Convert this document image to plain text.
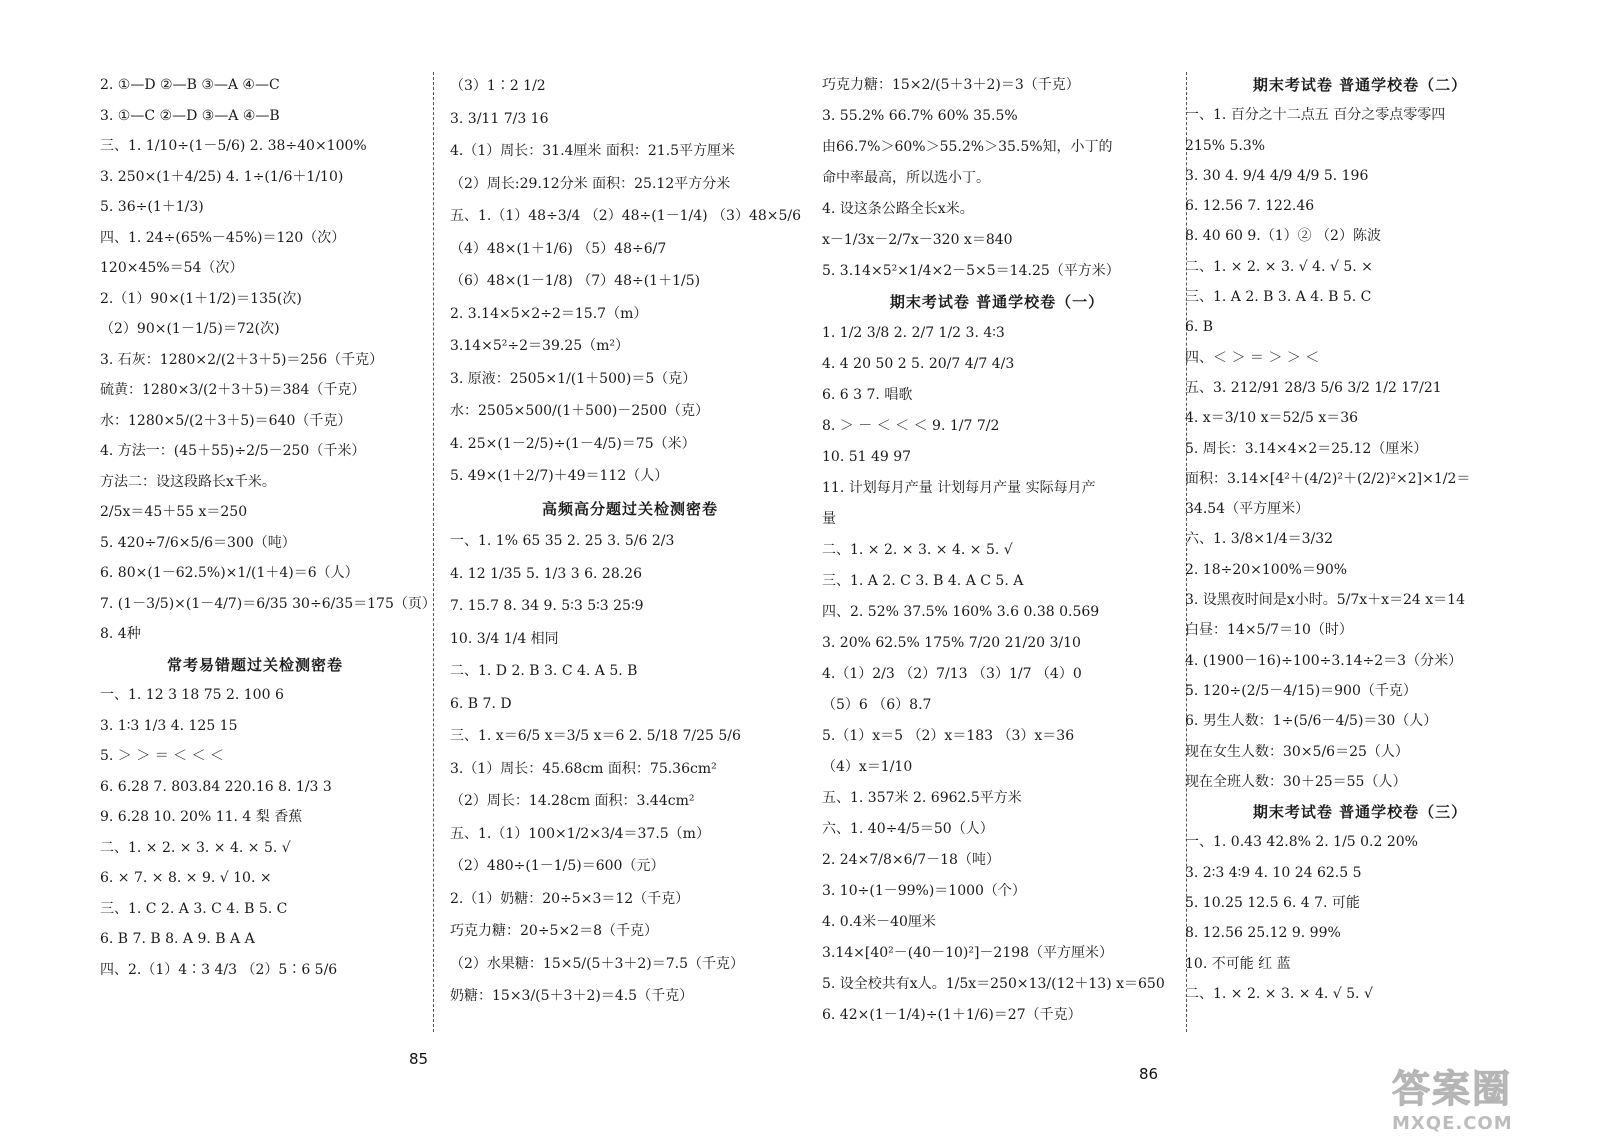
2. ①—D ②—B ③—A ④—C
3. ①—C ②—D ③—A ④—B
三、1. 1/10÷(1－5/6) 2. 38÷40×100%
3. 250×(1＋4/25) 4. 1÷(1/6＋1/10)
5. 36÷(1＋1/3)
四、1. 24÷(65%－45%)＝120（次）
120×45%＝54（次）
2.（1）90×(1＋1/2)＝135(次)
（2）90×(1－1/5)＝72(次)
3. 石灰：1280×2/(2＋3＋5)＝256（千克）
硫黄：1280×3/(2＋3＋5)＝384（千克）
水：1280×5/(2＋3＋5)＝640（千克）
4. 方法一：(45＋55)÷2/5－250（千米）
方法二：设这段路长x千米。
2/5x＝45＋55 x＝250
5. 420÷7/6×5/6＝300（吨）
6. 80×(1－62.5%)×1/(1＋4)＝6（人）
7. (1－3/5)×(1－4/7)＝6/35 30÷6/35＝175（页）
8. 4种
常考易错题过关检测密卷
一、1. 12 3 18 75 2. 100 6
3. 1∶3 1/3 4. 125 15
5. ＞ ＞ ＝ ＜ ＜ ＜
6. 6.28 7. 803.84 220.16 8. 1/3 3
9. 6.28 10. 20% 11. 4 梨 香蕉
二、1. × 2. × 3. × 4. × 5. √
6. × 7. × 8. × 9. √ 10. ×
三、1. C 2. A 3. C 4. B 5. C
6. B 7. B 8. A 9. B A A
四、2.（1）4∶3 4/3 （2）5∶6 5/6
（3）1∶2 1/2
3. 3/11 7/3 16
4.（1）周长：31.4厘米 面积：21.5平方厘米
（2）周长:29.12分米 面积：25.12平方分米
五、1.（1）48÷3/4 （2）48÷(1－1/4) （3）48×5/6
（4）48×(1＋1/6) （5）48÷6/7
（6）48×(1－1/8) （7）48÷(1＋1/5)
2. 3.14×5×2÷2＝15.7（m）
3.14×5²÷2＝39.25（m²）
3. 原液：2505×1/(1＋500)＝5（克）
水：2505×500/(1＋500)－2500（克）
4. 25×(1－2/5)÷(1－4/5)＝75（米）
5. 49×(1＋2/7)＋49＝112（人）
高频高分题过关检测密卷
一、1. 1% 65 35 2. 25 3. 5/6 2/3
4. 12 1/35 5. 1/3 3 6. 28.26
7. 15.7 8. 34 9. 5∶3 5∶3 25∶9
10. 3/4 1/4 相同
二、1. D 2. B 3. C 4. A 5. B
6. B 7. D
三、1. x＝6/5 x＝3/5 x＝6 2. 5/18 7/25 5/6
3.（1）周长：45.68cm 面积：75.36cm²
（2）周长：14.28cm 面积：3.44cm²
五、1.（1）100×1/2×3/4＝37.5（m）
（2）480÷(1－1/5)＝600（元）
2.（1）奶糖：20÷5×3＝12（千克）
巧克力糖：20÷5×2＝8（千克）
（2）水果糖：15×5/(5＋3＋2)＝7.5（千克）
奶糖：15×3/(5＋3＋2)＝4.5（千克）
巧克力糖：15×2/(5＋3＋2)＝3（千克）
3. 55.2% 66.7% 60% 35.5%
由66.7%＞60%＞55.2%＞35.5%知，小丁的
命中率最高，所以选小丁。
4. 设这条公路全长x米。
x－1/3x－2/7x－320 x＝840
5. 3.14×5²×1/4×2－5×5＝14.25（平方米）
期末考试卷 普通学校卷（一）
1. 1/2 3/8 2. 2/7 1/2 3. 4∶3
4. 4 20 50 2 5. 20/7 4/7 4/3
6. 6 3 7. 唱歌
8. ＞ － ＜ ＜ ＜ 9. 1/7 7/2
10. 51 49 97
11. 计划每月产量 计划每月产量 实际每月产
量
二、1. × 2. × 3. × 4. × 5. √
三、1. A 2. C 3. B 4. A C 5. A
四、2. 52% 37.5% 160% 3.6 0.38 0.569
3. 20% 62.5% 175% 7/20 21/20 3/10
4.（1）2/3 （2）7/13 （3）1/7 （4）0
（5）6 （6）8.7
5.（1）x＝5 （2）x＝183 （3）x＝36
（4）x＝1/10
五、1. 357米 2. 6962.5平方米
六、1. 40÷4/5＝50（人）
2. 24×7/8×6/7－18（吨）
3. 10÷(1－99%)＝1000（个）
4. 0.4米－40厘米
3.14×[40²－(40－10)²]－2198（平方厘米）
5. 设全校共有x人。1/5x＝250×13/(12＋13) x＝650
6. 42×(1－1/4)÷(1＋1/6)＝27（千克）
期末考试卷 普通学校卷（二）
一、1. 百分之十二点五 百分之零点零零四
215% 5.3%
3. 30 4. 9/4 4/9 4/9 5. 196
6. 12.56 7. 122.46
8. 40 60 9.（1）② （2）陈波
二、1. × 2. × 3. √ 4. √ 5. ×
三、1. A 2. B 3. A 4. B 5. C
6. B
四、＜ ＞ ＝ ＞ ＞ ＜
五、3. 212/91 28/3 5/6 3/2 1/2 17/21
4. x＝3/10 x＝52/5 x＝36
5. 周长：3.14×4×2＝25.12（厘米）
面积：3.14×[4²＋(4/2)²＋(2/2)²×2]×1/2＝
34.54（平方厘米）
六、1. 3/8×1/4＝3/32
2. 18÷20×100%＝90%
3. 设黑夜时间是x小时。5/7x＋x＝24 x＝14
白昼：14×5/7＝10（时）
4. (1900－16)÷100÷3.14÷2＝3（分米）
5. 120÷(2/5－4/15)＝900（千克）
6. 男生人数：1÷(5/6－4/5)＝30（人）
现在女生人数：30×5/6＝25（人）
现在全班人数：30＋25＝55（人）
期末考试卷 普通学校卷（三）
一、1. 0.43 42.8% 2. 1/5 0.2 20%
3. 2∶3 4∶9 4. 10 24 62.5 5
5. 10.25 12.5 6. 4 7. 可能
8. 12.56 25.12 9. 99%
10. 不可能 红 蓝
二、1. × 2. × 3. × 4. √ 5. √
85
86	答案圈
MXQE.COM
